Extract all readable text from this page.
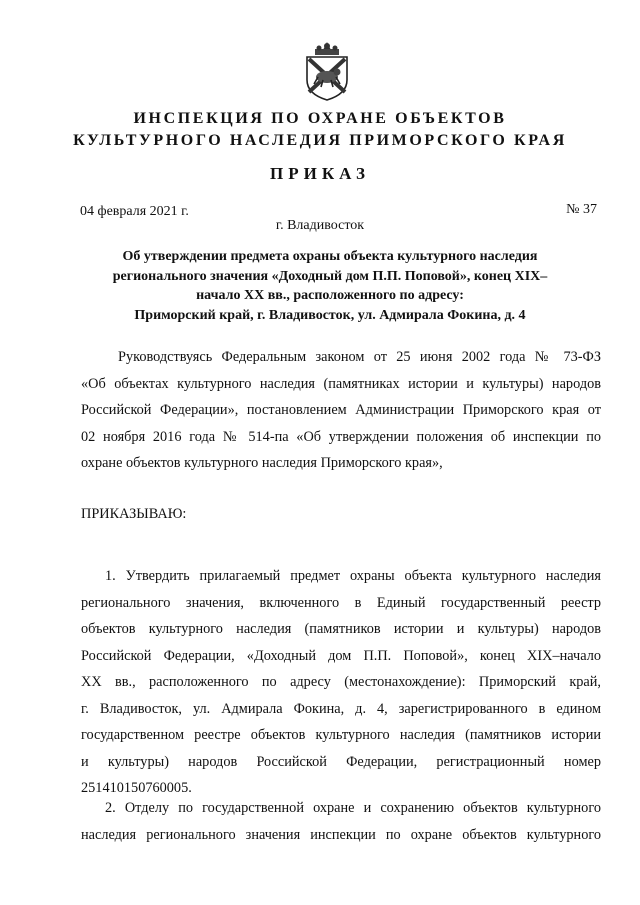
ИНСПЕКЦИЯ ПО ОХРАНЕ ОБЪЕКТОВ
КУЛЬТУРНОГО НАСЛЕДИЯ ПРИМОРСКОГО КРАЯ
ПРИКАЗ
04 февраля 2021 г.	№ 37
г. Владивосток
Об утверждении предмета охраны объекта культурного наследия
регионального значения «Доходный дом П.П. Поповой», конец XIX–
начало XX вв., расположенного по адресу:
Приморский край, г. Владивосток, ул. Адмирала Фокина, д. 4
Руководствуясь Федеральным законом от 25 июня 2002 года № 73-ФЗ
«Об объектах культурного наследия (памятниках истории и культуры) народов
Российской Федерации», постановлением Администрации Приморского края от
02 ноября 2016 года № 514-па «Об утверждении положения об инспекции по
охране объектов культурного наследия Приморского края»,
ПРИКАЗЫВАЮ:
1. Утвердить прилагаемый предмет охраны объекта культурного наследия
регионального значения, включенного в Единый государственный реестр
объектов культурного наследия (памятников истории и культуры) народов
Российской Федерации, «Доходный дом П.П. Поповой», конец XIX–начало
XX вв., расположенного по адресу (местонахождение): Приморский край,
г. Владивосток, ул. Адмирала Фокина, д. 4, зарегистрированного в едином
государственном реестре объектов культурного наследия (памятников истории
и культуры) народов Российской Федерации, регистрационный номер
251410150760005.
2. Отделу по государственной охране и сохранению объектов культурного
наследия регионального значения инспекции по охране объектов культурного
